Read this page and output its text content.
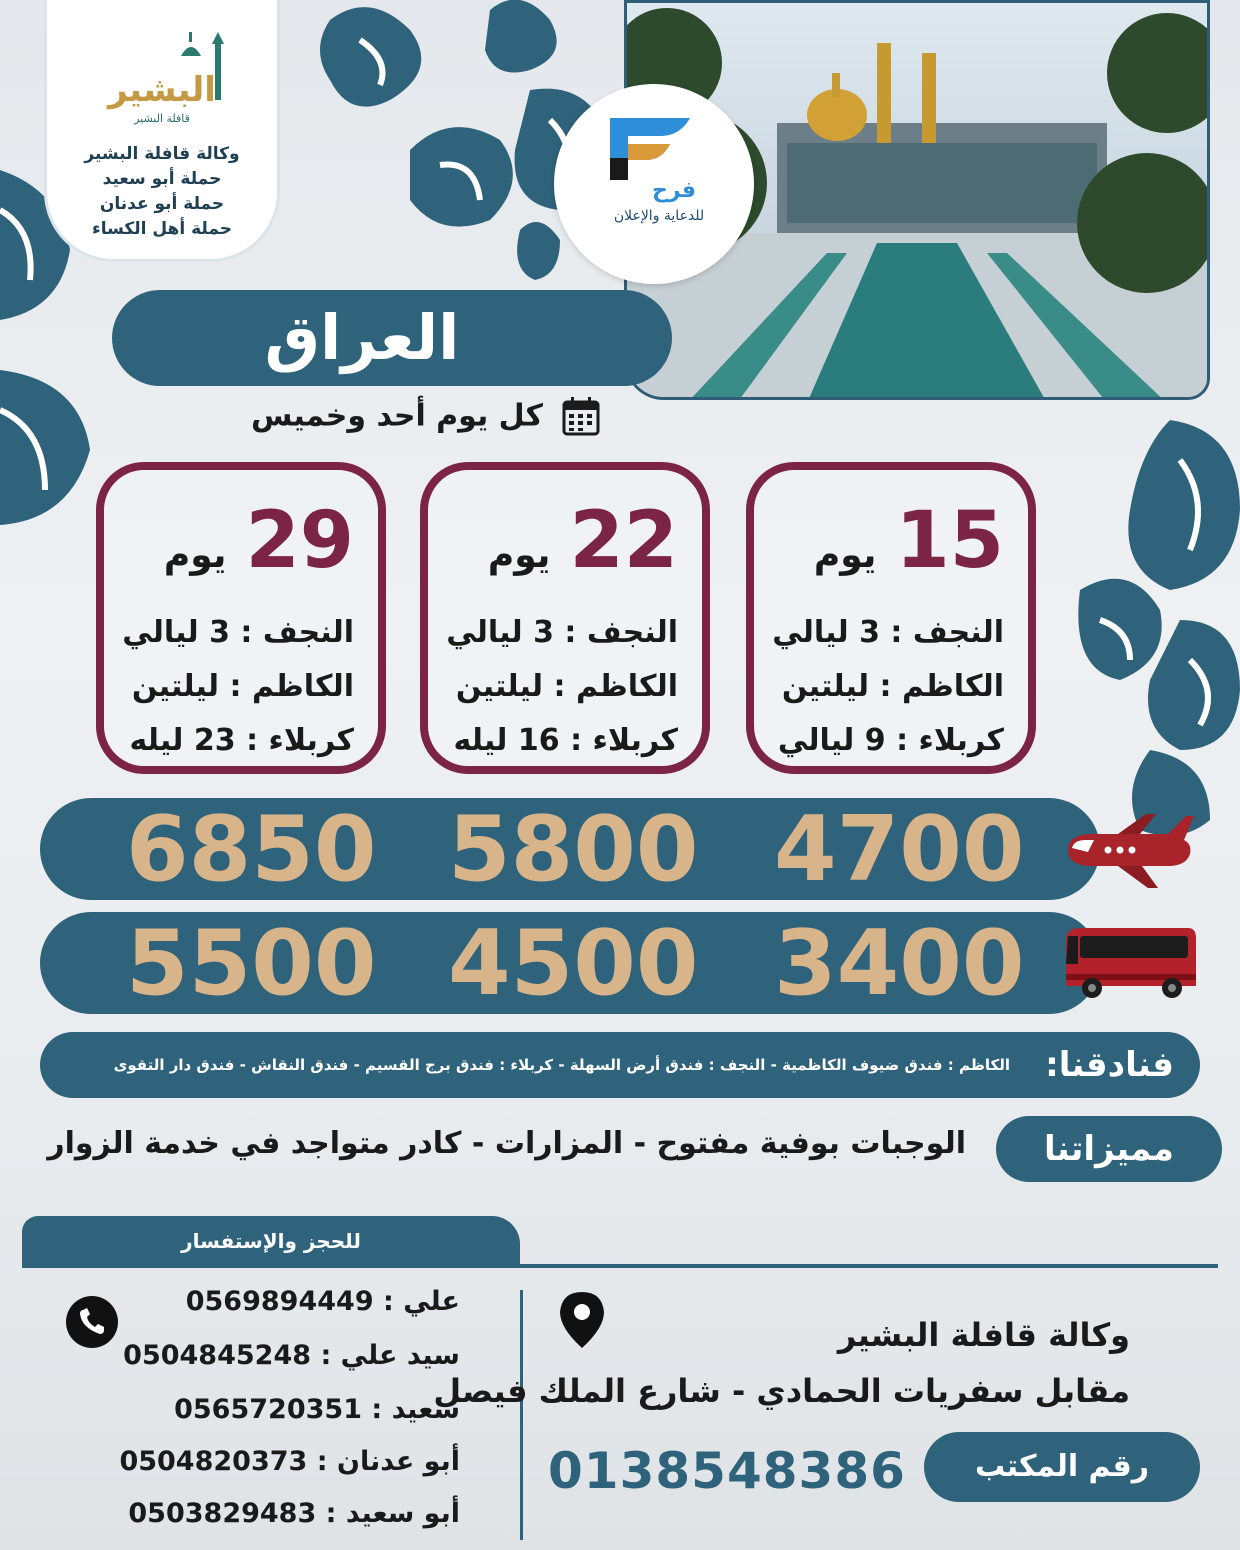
البشير
قافلة البشير
وكالة قافلة البشير
حملة أبو سعيد
حملة أبو عدنان
حملة أهل الكساء
فرح
للدعاية والإعلان
العراق
كل يوم أحد وخميس
15 يوم
النجف : 3 ليالي
الكاظم : ليلتين
كربلاء : 9 ليالي
22 يوم
النجف : 3 ليالي
الكاظم : ليلتين
كربلاء : 16 ليله
29 يوم
النجف : 3 ليالي
الكاظم : ليلتين
كربلاء : 23 ليله
6850 5800 4700
5500 4500 3400
فنادقنا:
الكاظم : فندق ضيوف الكاظمية - النجف : فندق أرض السهلة - كربلاء : فندق برج القسيم - فندق النقاش - فندق دار التقوى
مميزاتنا
الوجبات بوفية مفتوح - المزارات - كادر متواجد في خدمة الزوار
للحجز والإستفسار
علي : 0569894449
سيد علي : 0504845248
سعيد : 0565720351
أبو عدنان : 0504820373
أبو سعيد : 0503829483
وكالة قافلة البشير
مقابل سفريات الحمادي - شارع الملك فيصل
رقم المكتب
0138548386
